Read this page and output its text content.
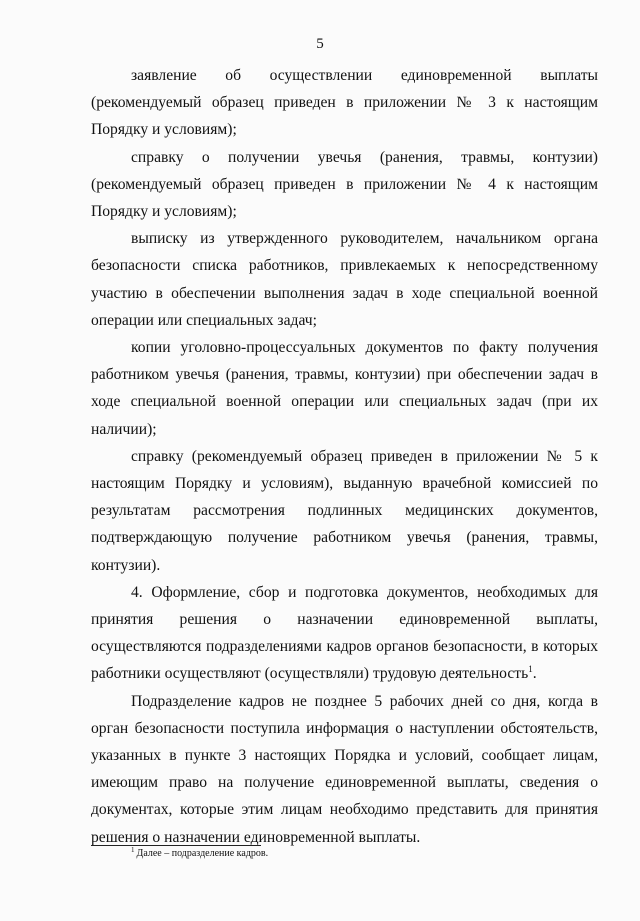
5

заявление об осуществлении единовременной выплаты (рекомендуемый образец приведен в приложении № 3 к настоящим Порядку и условиям);

справку о получении увечья (ранения, травмы, контузии) (рекомендуемый образец приведен в приложении № 4 к настоящим Порядку и условиям);

выписку из утвержденного руководителем, начальником органа безопасности списка работников, привлекаемых к непосредственному участию в обеспечении выполнения задач в ходе специальной военной операции или специальных задач;

копии уголовно-процессуальных документов по факту получения работником увечья (ранения, травмы, контузии) при обеспечении задач в ходе специальной военной операции или специальных задач (при их наличии);

справку (рекомендуемый образец приведен в приложении № 5 к настоящим Порядку и условиям), выданную врачебной комиссией по результатам рассмотрения подлинных медицинских документов, подтверждающую получение работником увечья (ранения, травмы, контузии).

4. Оформление, сбор и подготовка документов, необходимых для принятия решения о назначении единовременной выплаты, осуществляются подразделениями кадров органов безопасности, в которых работники осуществляют (осуществляли) трудовую деятельность$^1$.

Подразделение кадров не позднее 5 рабочих дней со дня, когда в орган безопасности поступила информация о наступлении обстоятельств, указанных в пункте 3 настоящих Порядка и условий, сообщает лицам, имеющим право на получение единовременной выплаты, сведения о документах, которые этим лицам необходимо представить для принятия решения о назначении единовременной выплаты.

$^1$ Далее – подразделение кадров.
